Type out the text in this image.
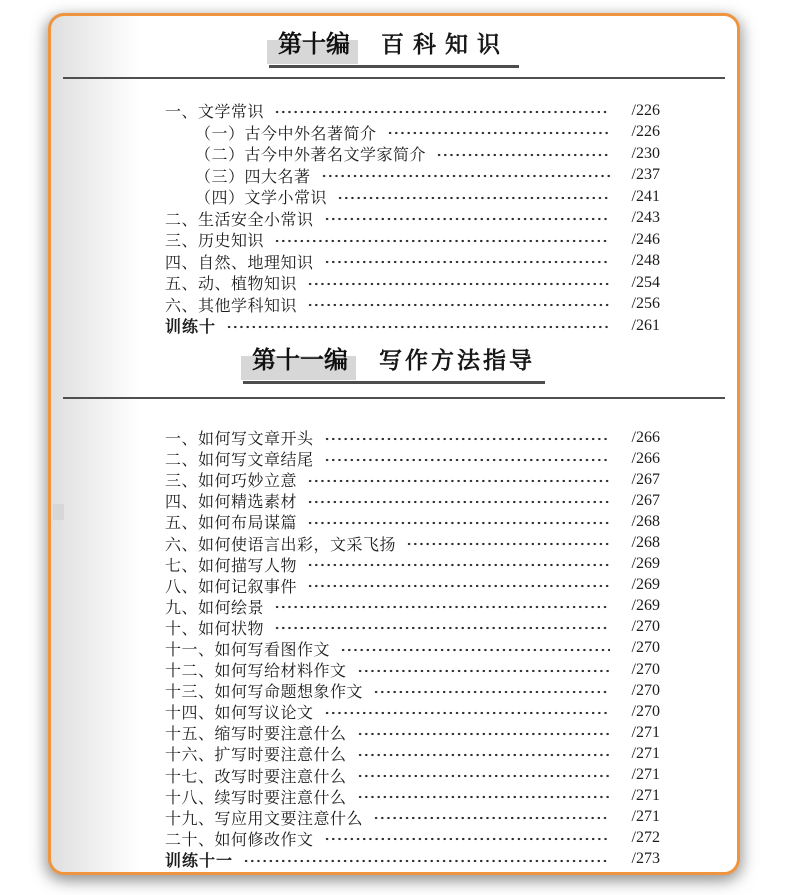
第十编 百科知识
一、文学常识	/226
（一）古今中外名著简介	/226
（二）古今中外著名文学家简介	/230
（三）四大名著	/237
（四）文学小常识	/241
二、生活安全小常识	/243
三、历史知识	/246
四、自然、地理知识	/248
五、动、植物知识	/254
六、其他学科知识	/256
训练十	/261
第十一编 写作方法指导
一、如何写文章开头	/266
二、如何写文章结尾	/266
三、如何巧妙立意	/267
四、如何精选素材	/267
五、如何布局谋篇	/268
六、如何使语言出彩，文采飞扬	/268
七、如何描写人物	/269
八、如何记叙事件	/269
九、如何绘景	/269
十、如何状物	/270
十一、如何写看图作文	/270
十二、如何写给材料作文	/270
十三、如何写命题想象作文	/270
十四、如何写议论文	/270
十五、缩写时要注意什么	/271
十六、扩写时要注意什么	/271
十七、改写时要注意什么	/271
十八、续写时要注意什么	/271
十九、写应用文要注意什么	/271
二十、如何修改作文	/272
训练十一	/273
